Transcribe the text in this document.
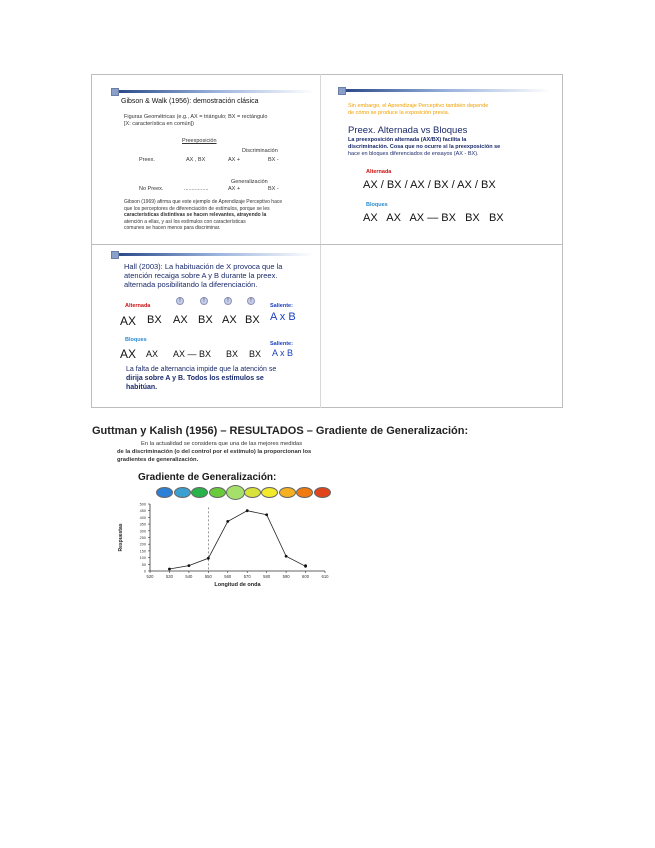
Gibson & Walk (1956): demostración clásica
Figuras Geométricas (e.g., AX = triángulo; BX = rectángulo
[X: característica en común])
Preexposición
Discriminación
Preex.	AX , BX	AX +	BX -
Generalización
No Preex.	................	AX +	BX -
Gibson (1969) afirma que este ejemplo de Aprendizaje Perceptivo hace
que los perceptores de diferenciación de estímulos, porque se les
características distintivas se hacen relevantes, atrayendo la
atención a ellas, y así los estímulos con características
comunes se hacen menos para discriminar.
Sin embargo, el Aprendizaje Perceptivo también depende
de cómo se produce la exposición previa.
Preex. Alternada vs Bloques
La preexposición alternada (AX/BX) facilita la
discriminación. Cosa que no ocurre si la preexposición se
hace en bloques diferenciados de ensayos (AX - BX).
Alternada
AX / BX / AX / BX / AX / BX
Bloques
AX   AX   AX — BX   BX   BX
Hall (2003): La habituación de X provoca que la
atención recaiga sobre A y B durante la preex.
alternada posibilitando la diferenciación.
Alternada
!	!	!	!
AX BX AX BX AX BX
Saliente:
A x B
Bloques
AX AX AX — BX BX BX
Saliente:
A x B
La falta de alternancia impide que la atención se
dirija sobre A y B. Todos los estímulos se
habitúan.
Guttman y Kalish (1956) – RESULTADOS – Gradiente de Generalización:
En la actualidad se considera que una de las mejores medidas
de la discriminación (o del control por el estímulo) la proporcionan los
gradientes de generalización.
Gradiente de Generalización:
0
50
100
150
200
250
300
350
400
450
500
520	530	540	550	560	570	580	590	600	610
Longitud de onda
Respuestas
